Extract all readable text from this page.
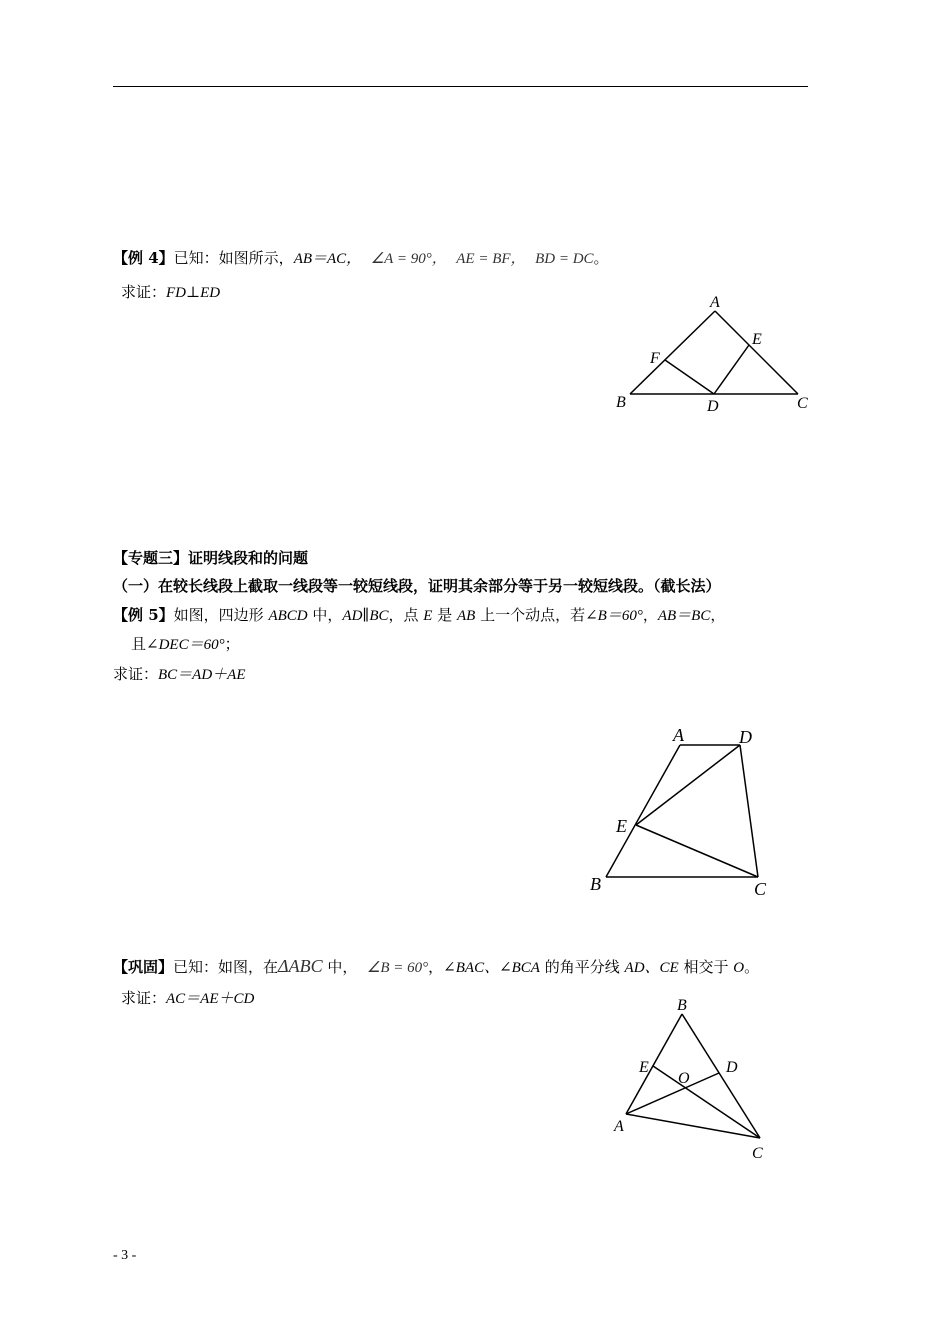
【例 4】已知：如图所示，AB＝AC， ∠A = 90°， AE = BF， BD = DC。
求证：FD⊥ED
A
B	C
D
E
F
【专题三】证明线段和的问题
（一）在较长线段上截取一线段等一较短线段，证明其余部分等于另一较短线段。（截长法）
【例 5】如图，四边形 ABCD 中，AD∥BC，点 E 是 AB 上一个动点，若∠B＝60°，AB＝BC，
且∠DEC＝60°；
求证：BC＝AD＋AE
A	D
E
B	C
【巩固】已知：如图，在ΔABC 中， ∠B = 60°，∠BAC、∠BCA 的角平分线 AD、CE 相交于 O。
求证：AC＝AE＋CD	B
E	D
O
A
C
- 3 -
